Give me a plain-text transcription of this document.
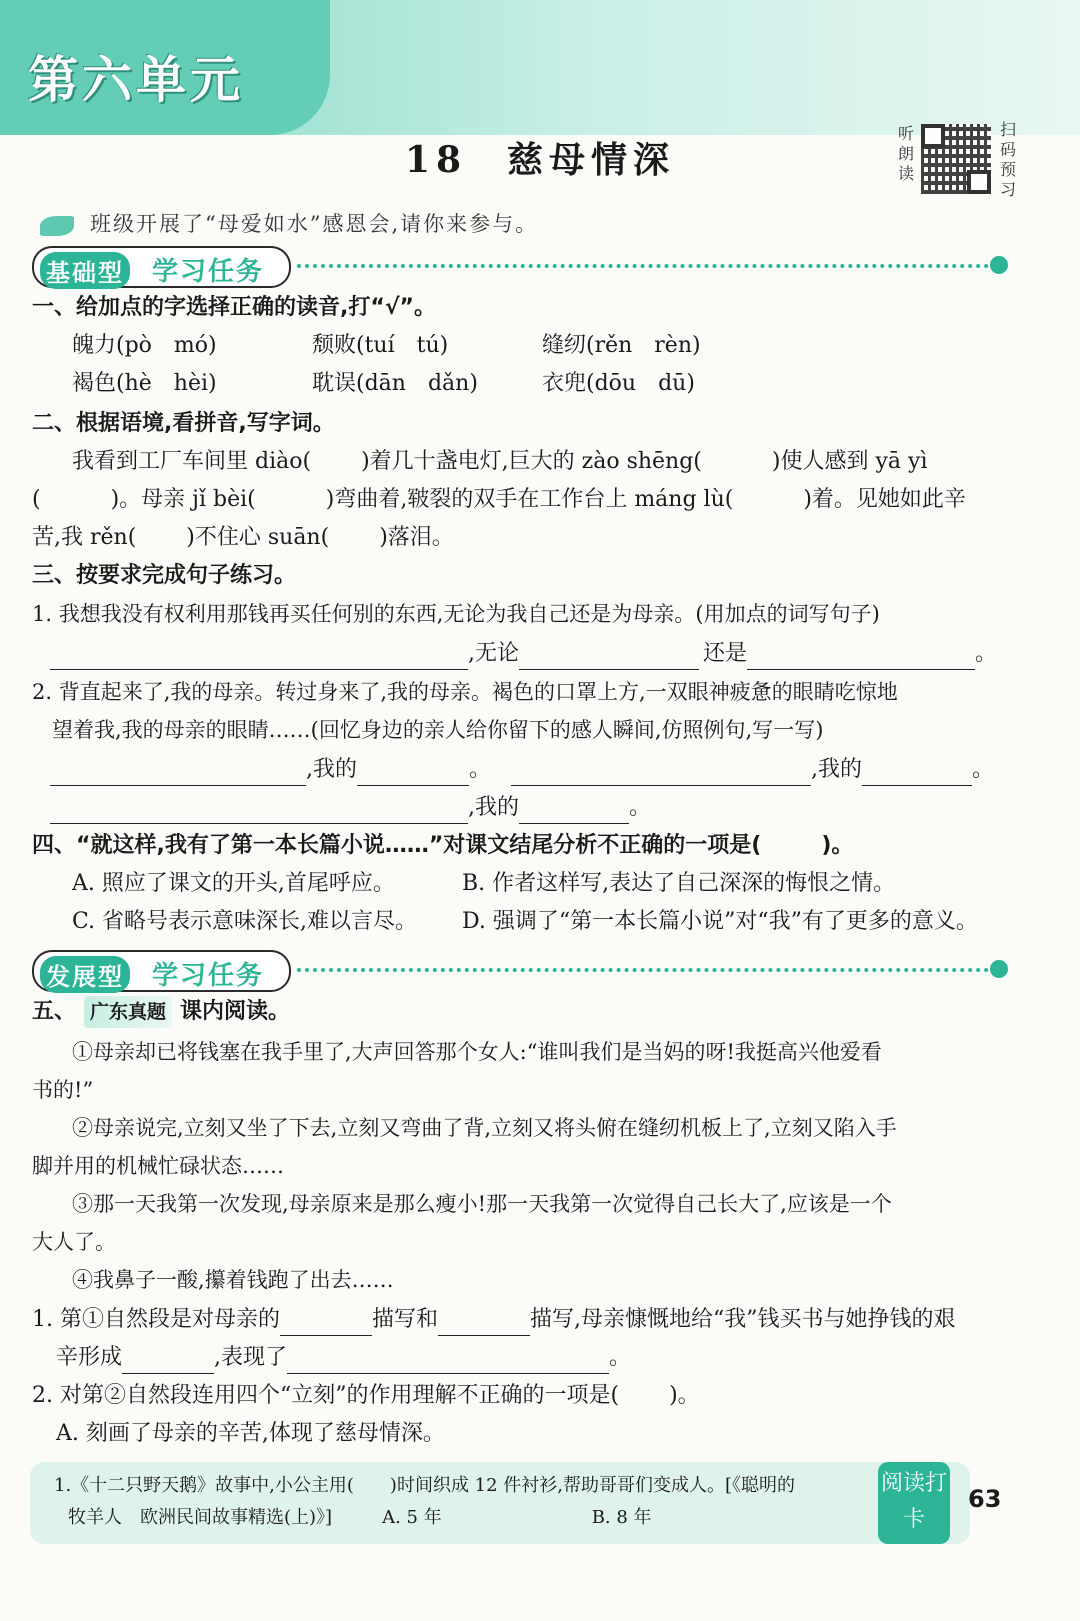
第六单元
18 慈母情深
听朗读
扫码预习
班级开展了“母爱如水”感恩会,请你来参与。
基础型 学习任务
一、给加点的字选择正确的读音,打“√”。
魄力(pò　mó)	颓败(tuí　tú)	缝纫(rěn　rèn)
褐色(hè　hèi)	耽误(dān　dǎn)	衣兜(dōu　dū)
二、根据语境,看拼音,写字词。
我看到工厂车间里 diào( )着几十盏电灯,巨大的 zào shēng(	)使人感到 yā yì
(	)。母亲 jǐ bèi(	)弯曲着,皲裂的双手在工作台上 máng lù(	)着。见她如此辛
苦,我 rěn( )不住心 suān( )落泪。
三、按要求完成句子练习。
1. 我想我没有权利用那钱再买任何别的东西,无论为我自己还是为母亲。(用加点的词写句子)
,无论	还是	。
2. 背直起来了,我的母亲。转过身来了,我的母亲。褐色的口罩上方,一双眼神疲惫的眼睛吃惊地
望着我,我的母亲的眼睛……(回忆身边的亲人给你留下的感人瞬间,仿照例句,写一写)
,我的	。	,我的	。
,我的	。
四、“就这样,我有了第一本长篇小说……”对课文结尾分析不正确的一项是(	)。
A. 照应了课文的开头,首尾呼应。	B. 作者这样写,表达了自己深深的悔恨之情。
C. 省略号表示意味深长,难以言尽。 D. 强调了“第一本长篇小说”对“我”有了更多的意义。
发展型 学习任务
五、 广东真题 课内阅读。
①母亲却已将钱塞在我手里了,大声回答那个女人:“谁叫我们是当妈的呀!我挺高兴他爱看
书的!”
②母亲说完,立刻又坐了下去,立刻又弯曲了背,立刻又将头俯在缝纫机板上了,立刻又陷入手
脚并用的机械忙碌状态……
③那一天我第一次发现,母亲原来是那么瘦小!那一天我第一次觉得自己长大了,应该是一个
大人了。
④我鼻子一酸,攥着钱跑了出去……
1. 第①自然段是对母亲的	描写和	描写,母亲慷慨地给“我”钱买书与她挣钱的艰
辛形成	,表现了	。
2. 对第②自然段连用四个“立刻”的作用理解不正确的一项是( )。
A. 刻画了母亲的辛苦,体现了慈母情深。
1.《十二只野天鹅》故事中,小公主用(　　)时间织成 12 件衬衫,帮助哥哥们变成人。[《聪明的
牧羊人　欧洲民间故事精选(上)》]	A. 5 年	B. 8 年
阅读打卡
63
